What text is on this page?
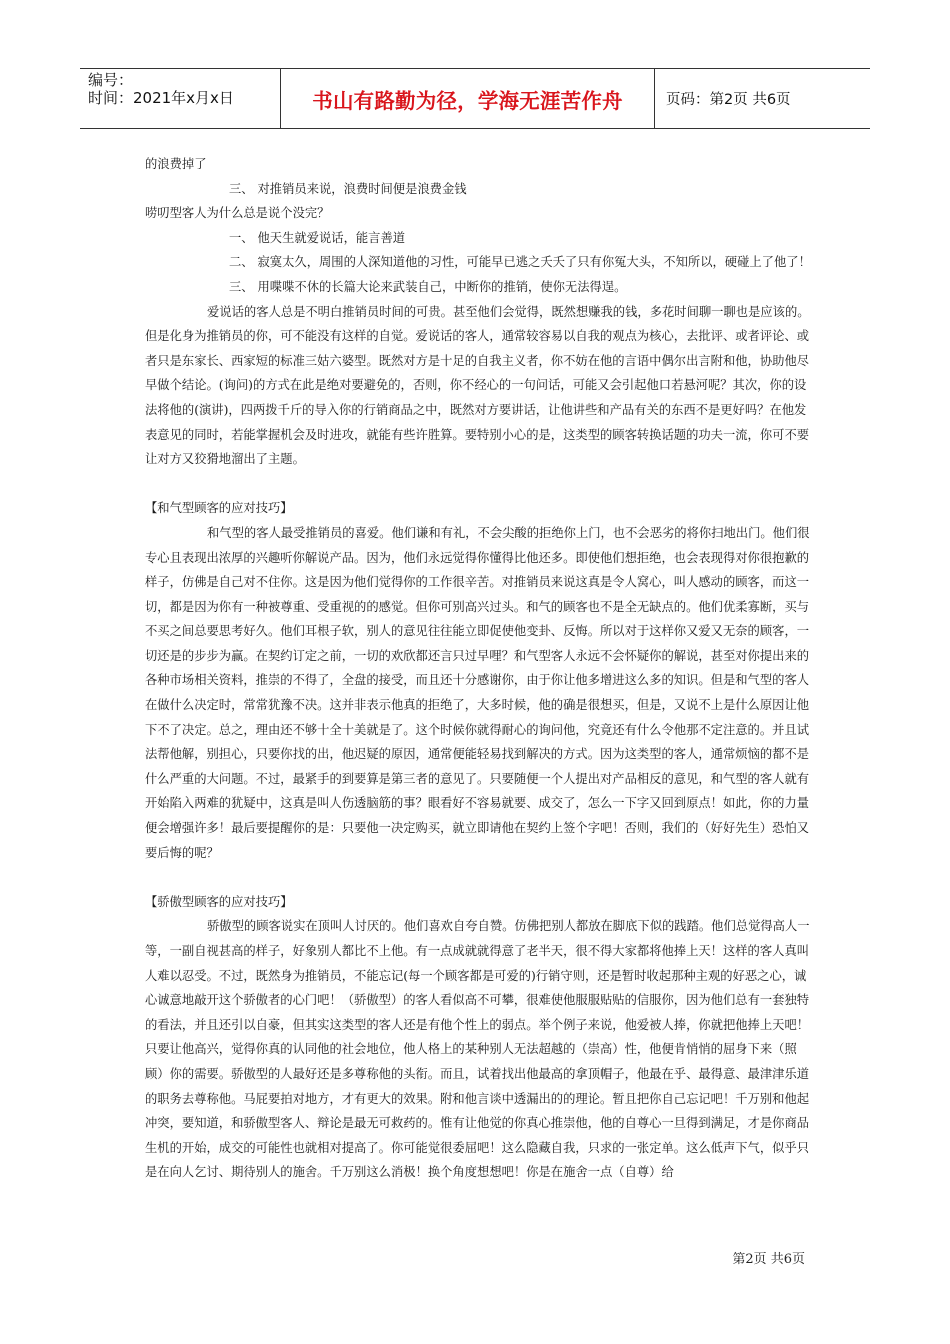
编号：
时间：2021年x月x日	书山有路勤为径，学海无涯苦作舟	页码：第2页 共6页

的浪费掉了

三、 对推销员来说，浪费时间便是浪费金钱

唠叨型客人为什么总是说个没完？

一、 他天生就爱说话，能言善道

二、 寂寞太久，周围的人深知道他的习性，可能早已逃之夭夭了只有你冤大头，不知所以，硬碰上了他了！

三、 用喋喋不休的长篇大论来武装自己，中断你的推销，使你无法得逞。

爱说话的客人总是不明白推销员时间的可贵。甚至他们会觉得，既然想赚我的钱，多花时间聊一聊也是应该的。但是化身为推销员的你，可不能没有这样的自觉。爱说话的客人，通常较容易以自我的观点为核心，去批评、或者评论、或者只是东家长、西家短的标准三姑六婆型。既然对方是十足的自我主义者，你不妨在他的言语中偶尔出言附和他，协助他尽早做个结论。(询问)的方式在此是绝对要避免的，否则，你不经心的一句问话，可能又会引起他口若悬河呢？其次，你的设法将他的(演讲)，四两拨千斤的导入你的行销商品之中，既然对方要讲话，让他讲些和产品有关的东西不是更好吗？在他发表意见的同时，若能掌握机会及时进攻，就能有些许胜算。要特别小心的是，这类型的顾客转换话题的功夫一流，你可不要让对方又狡猾地溜出了主题。

【和气型顾客的应对技巧】

和气型的客人最受推销员的喜爱。他们谦和有礼，不会尖酸的拒绝你上门，也不会恶劣的将你扫地出门。他们很专心且表现出浓厚的兴趣听你解说产品。因为，他们永远觉得你懂得比他还多。即使他们想拒绝，也会表现得对你很抱歉的样子，仿佛是自己对不住你。这是因为他们觉得你的工作很辛苦。对推销员来说这真是令人窝心，叫人感动的顾客，而这一切，都是因为你有一种被尊重、受重视的的感觉。但你可别高兴过头。和气的顾客也不是全无缺点的。他们优柔寡断，买与不买之间总要思考好久。他们耳根子软，别人的意见往往能立即促使他变卦、反悔。所以对于这样你又爱又无奈的顾客，一切还是的步步为赢。在契约订定之前，一切的欢欣都还言只过早哩？和气型客人永远不会怀疑你的解说，甚至对你提出来的各种市场相关资料，推崇的不得了，全盘的接受，而且还十分感谢你，由于你让他多增进这么多的知识。但是和气型的客人在做什么决定时，常常犹豫不决。这并非表示他真的拒绝了，大多时候，他的确是很想买，但是，又说不上是什么原因让他下不了决定。总之，理由还不够十全十美就是了。这个时候你就得耐心的询问他，究竟还有什么令他那不定注意的。并且试法帮他解，别担心，只要你找的出，他迟疑的原因，通常便能轻易找到解决的方式。因为这类型的客人，通常烦恼的都不是什么严重的大问题。不过，最紧手的到要算是第三者的意见了。只要随便一个人提出对产品相反的意见，和气型的客人就有开始陷入两难的犹疑中，这真是叫人伤透脑筋的事？眼看好不容易就要、成交了，怎么一下字又回到原点！如此，你的力量便会增强许多！最后要提醒你的是：只要他一决定购买，就立即请他在契约上签个字吧！否则，我们的（好好先生）恐怕又要后悔的呢？

【骄傲型顾客的应对技巧】

骄傲型的顾客说实在顶叫人讨厌的。他们喜欢自夸自赞。仿佛把别人都放在脚底下似的践踏。他们总觉得高人一等，一副自视甚高的样子，好象别人都比不上他。有一点成就就得意了老半天，很不得大家都将他捧上天！这样的客人真叫人难以忍受。不过，既然身为推销员，不能忘记(每一个顾客都是可爱的)行销守则，还是暂时收起那种主观的好恶之心，诚心诚意地敲开这个骄傲者的心门吧！（骄傲型）的客人看似高不可攀，很难使他服服贴贴的信服你，因为他们总有一套独特的看法，并且还引以自豪，但其实这类型的客人还是有他个性上的弱点。举个例子来说，他爱被人捧，你就把他捧上天吧！只要让他高兴，觉得你真的认同他的社会地位，他人格上的某种别人无法超越的（崇高）性，他便肯悄悄的屈身下来（照顾）你的需要。骄傲型的人最好还是多尊称他的头衔。而且，试着找出他最高的拿顶帽子，他最在乎、最得意、最津津乐道的职务去尊称他。马屁要拍对地方，才有更大的效果。附和他言谈中透漏出的的理论。暂且把你自己忘记吧！千万别和他起冲突，要知道，和骄傲型客人、辩论是最无可救药的。惟有让他觉的你真心推崇他，他的自尊心一旦得到满足，才是你商品生机的开始，成交的可能性也就相对提高了。你可能觉很委屈吧！这么隐藏自我，只求的一张定单。这么低声下气，似乎只是在向人乞讨、期待别人的施舍。千万别这么消极！换个角度想想吧！你是在施舍一点（自尊）给

第2页 共6页
